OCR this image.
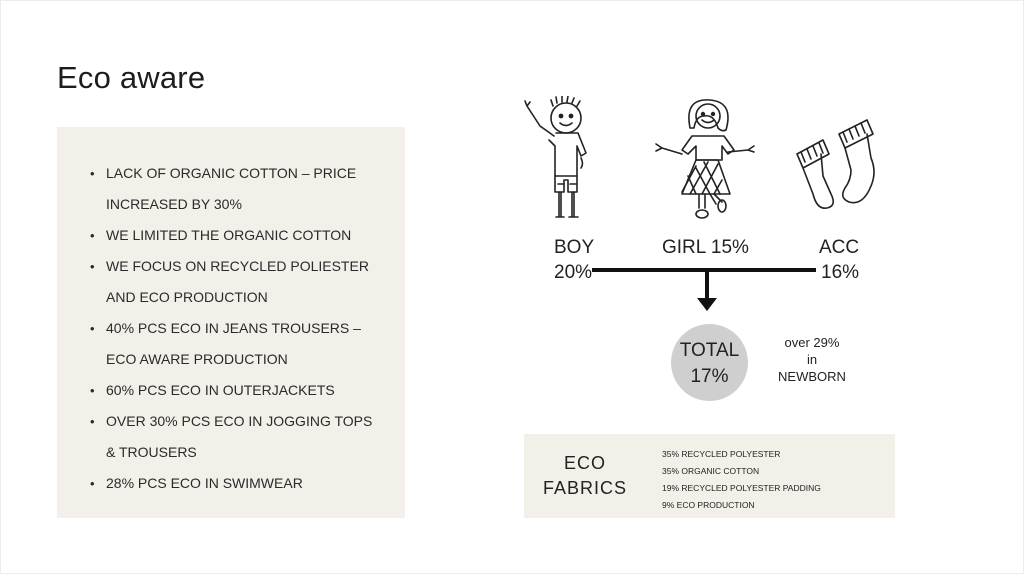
Eco aware
• LACK OF ORGANIC COTTON – PRICE
INCREASED BY 30%
• WE LIMITED THE ORGANIC COTTON
• WE FOCUS ON RECYCLED POLIESTER
AND ECO PRODUCTION
• 40% PCS ECO IN JEANS TROUSERS –
ECO AWARE PRODUCTION
• 60% PCS ECO IN OUTERJACKETS
• OVER 30% PCS ECO IN JOGGING TOPS
& TROUSERS
• 28% PCS ECO IN SWIMWEAR
BOY
20%
GIRL 15%	ACC
16%
TOTAL
17%
over 29%
in
NEWBORN
ECO
FABRICS
35% RECYCLED POLYESTER
35% ORGANIC COTTON
19% RECYCLED POLYESTER PADDING
9% ECO PRODUCTION
